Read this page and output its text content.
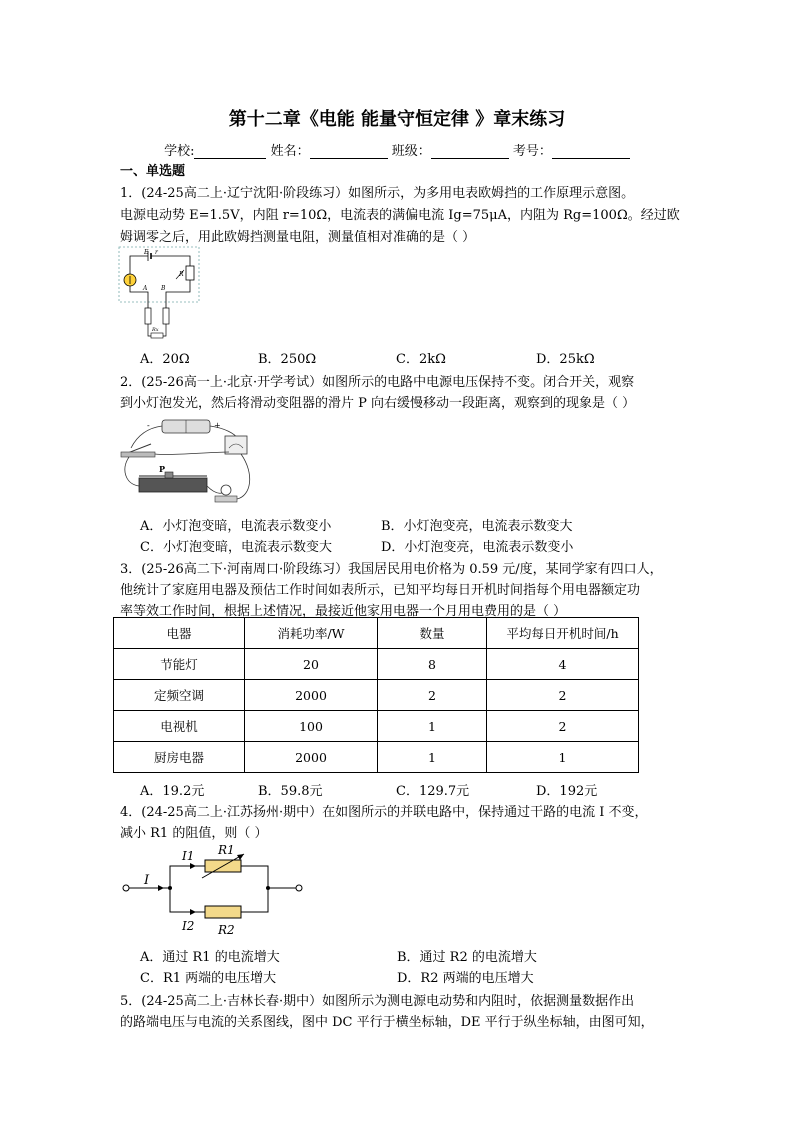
第十二章《电能 能量守恒定律 》章末练习
学校:	姓名：	班级：	考号：
一、单选题
1．(24-25高二上·辽宁沈阳·阶段练习）如图所示，为多用电表欧姆挡的工作原理示意图。
电源电动势 E=1.5V，内阻 r=10Ω，电流表的满偏电流 Ig=75μA，内阻为 Rg=100Ω。经过欧
姆调零之后，用此欧姆挡测量电阻，测量值相对准确的是（ ）
E r
R
A B
Rx
A．20Ω	B．250Ω	C．2kΩ	D．25kΩ
2．(25-26高一上·北京·开学考试）如图所示的电路中电源电压保持不变。闭合开关，观察
到小灯泡发光，然后将滑动变阻器的滑片 P 向右缓慢移动一段距离，观察到的现象是（ ）
-	+
P
A．小灯泡变暗，电流表示数变小	B．小灯泡变亮，电流表示数变大
C．小灯泡变暗，电流表示数变大	D．小灯泡变亮，电流表示数变小
3．(25-26高二下·河南周口·阶段练习）我国居民用电价格为 0.59 元/度，某同学家有四口人，
他统计了家庭用电器及预估工作时间如表所示，已知平均每日开机时间指每个用电器额定功
率等效工作时间，根据上述情况，最接近他家用电器一个月用电费用的是（ ）
电器	消耗功率/W	数量	平均每日开机时间/h
节能灯	20	8	4
定频空调	2000	2	2
电视机	100	1	2
厨房电器	2000	1	1
A．19.2元	B．59.8元	C．129.7元	D．192元
4．(24-25高二上·江苏扬州·期中）在如图所示的并联电路中，保持通过干路的电流 I 不变，
减小 R1 的阻值，则（ ）
I
I1
I2
R1
R2
A．通过 R1 的电流增大	B．通过 R2 的电流增大
C．R1 两端的电压增大	D．R2 两端的电压增大
5．(24-25高二上·吉林长春·期中）如图所示为测电源电动势和内阻时，依据测量数据作出
的路端电压与电流的关系图线，图中 DC 平行于横坐标轴，DE 平行于纵坐标轴，由图可知，
